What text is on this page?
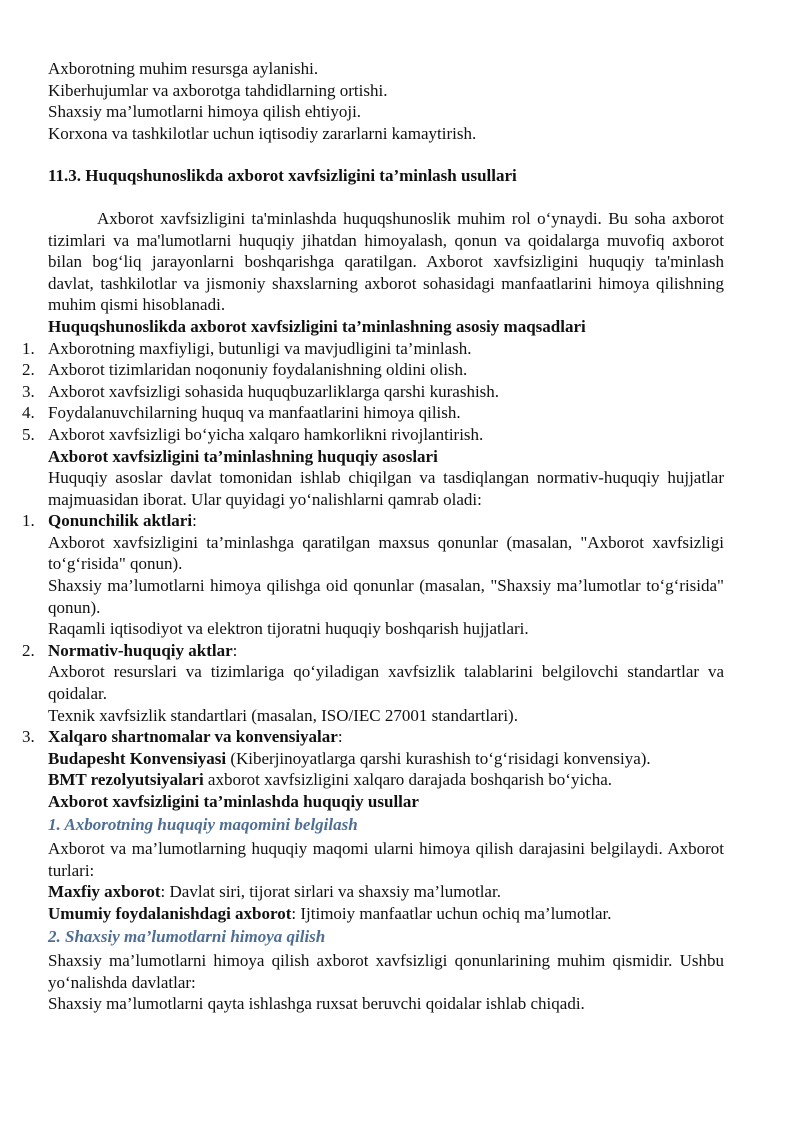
Axborotning muhim resursga aylanishi.

Kiberhujumlar va axborotga tahdidlarning ortishi.

Shaxsiy ma’lumotlarni himoya qilish ehtiyoji.

Korxona va tashkilotlar uchun iqtisodiy zararlarni kamaytirish.

11.3. Huquqshunoslikda axborot xavfsizligini ta’minlash usullari

Axborot xavfsizligini ta'minlashda huquqshunoslik muhim rol o‘ynaydi. Bu soha axborot tizimlari va ma'lumotlarni huquqiy jihatdan himoyalash, qonun va qoidalarga muvofiq axborot bilan bog‘liq jarayonlarni boshqarishga qaratilgan. Axborot xavfsizligini huquqiy ta'minlash davlat, tashkilotlar va jismoniy shaxslarning axborot sohasidagi manfaatlarini himoya qilishning muhim qismi hisoblanadi.

Huquqshunoslikda axborot xavfsizligini ta’minlashning asosiy maqsadlari

1. Axborotning maxfiyligi, butunligi va mavjudligini ta’minlash.
2. Axborot tizimlaridan noqonuniy foydalanishning oldini olish.
3. Axborot xavfsizligi sohasida huquqbuzarliklarga qarshi kurashish.
4. Foydalanuvchilarning huquq va manfaatlarini himoya qilish.
5. Axborot xavfsizligi bo‘yicha xalqaro hamkorlikni rivojlantirish.

Axborot xavfsizligini ta’minlashning huquqiy asoslari

Huquqiy asoslar davlat tomonidan ishlab chiqilgan va tasdiqlangan normativ-huquqiy hujjatlar majmuasidan iborat. Ular quyidagi yo‘nalishlarni qamrab oladi:

1. Qonunchilik aktlari:

Axborot xavfsizligini ta’minlashga qaratilgan maxsus qonunlar (masalan, "Axborot xavfsizligi to‘g‘risida" qonun).

Shaxsiy ma’lumotlarni himoya qilishga oid qonunlar (masalan, "Shaxsiy ma’lumotlar to‘g‘risida" qonun).

Raqamli iqtisodiyot va elektron tijoratni huquqiy boshqarish hujjatlari.

2. Normativ-huquqiy aktlar:

Axborot resurslari va tizimlariga qo‘yiladigan xavfsizlik talablarini belgilovchi standartlar va qoidalar.

Texnik xavfsizlik standartlari (masalan, ISO/IEC 27001 standartlari).

3. Xalqaro shartnomalar va konvensiyalar:

Budapesht Konvensiyasi (Kiberjinoyatlarga qarshi kurashish to‘g‘risidagi konvensiya).

BMT rezolyutsiyalari axborot xavfsizligini xalqaro darajada boshqarish bo‘yicha.

Axborot xavfsizligini ta’minlashda huquqiy usullar

1. Axborotning huquqiy maqomini belgilash

Axborot va ma’lumotlarning huquqiy maqomi ularni himoya qilish darajasini belgilaydi. Axborot turlari:

Maxfiy axborot: Davlat siri, tijorat sirlari va shaxsiy ma’lumotlar.

Umumiy foydalanishdagi axborot: Ijtimoiy manfaatlar uchun ochiq ma’lumotlar.

2. Shaxsiy ma’lumotlarni himoya qilish

Shaxsiy ma’lumotlarni himoya qilish axborot xavfsizligi qonunlarining muhim qismidir. Ushbu yo‘nalishda davlatlar:

Shaxsiy ma’lumotlarni qayta ishlashga ruxsat beruvchi qoidalar ishlab chiqadi.
